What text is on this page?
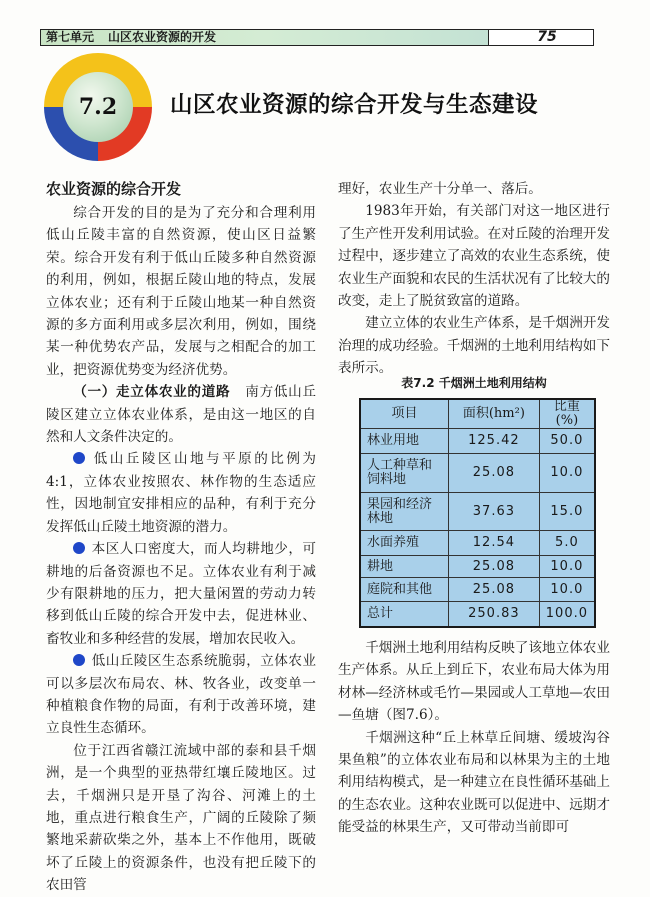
第七单元 山区农业资源的开发	75
7.2	山区农业资源的综合开发与生态建设
农业资源的综合开发

综合开发的目的是为了充分和合理利用低山丘陵丰富的自然资源，使山区日益繁荣。综合开发有利于低山丘陵多种自然资源的利用，例如，根据丘陵山地的特点，发展立体农业；还有利于丘陵山地某一种自然资源的多方面利用或多层次利用，例如，围绕某一种优势农产品，发展与之相配合的加工业，把资源优势变为经济优势。

（一）走立体农业的道路 南方低山丘陵区建立立体农业体系，是由这一地区的自然和人文条件决定的。

低山丘陵区山地与平原的比例为4:1，立体农业按照农、林作物的生态适应性，因地制宜安排相应的品种，有利于充分发挥低山丘陵土地资源的潜力。

本区人口密度大，而人均耕地少，可耕地的后备资源也不足。立体农业有利于减少有限耕地的压力，把大量闲置的劳动力转移到低山丘陵的综合开发中去，促进林业、畜牧业和多种经营的发展，增加农民收入。

低山丘陵区生态系统脆弱，立体农业可以多层次布局农、林、牧各业，改变单一种植粮食作物的局面，有利于改善环境，建立良性生态循环。

位于江西省赣江流域中部的泰和县千烟洲，是一个典型的亚热带红壤丘陵地区。过去，千烟洲只是开垦了沟谷、河滩上的土地，重点进行粮食生产，广阔的丘陵除了频繁地采薪砍柴之外，基本上不作他用，既破坏了丘陵上的资源条件，也没有把丘陵下的农田管

理好，农业生产十分单一、落后。

1983年开始，有关部门对这一地区进行了生产性开发利用试验。在对丘陵的治理开发过程中，逐步建立了高效的农业生态系统，使农业生产面貌和农民的生活状况有了比较大的改变，走上了脱贫致富的道路。

建立立体的农业生产体系，是千烟洲开发治理的成功经验。千烟洲的土地利用结构如下表所示。

表7.2 千烟洲土地利用结构
项目	面积(hm²)	比重(%)
林业用地	125.42	50.0
人工种草和饲料地	25.08	10.0
果园和经济林地	37.63	15.0
水面养殖	12.54	5.0
耕地	25.08	10.0
庭院和其他	25.08	10.0
总计	250.83	100.0

千烟洲土地利用结构反映了该地立体农业生产体系。从丘上到丘下，农业布局大体为用材林—经济林或毛竹—果园或人工草地—农田—鱼塘（图7.6）。

千烟洲这种“丘上林草丘间塘、缓坡沟谷果鱼粮”的立体农业布局和以林果为主的土地利用结构模式，是一种建立在良性循环基础上的生态农业。这种农业既可以促进中、远期才能受益的林果生产，又可带动当前即可
